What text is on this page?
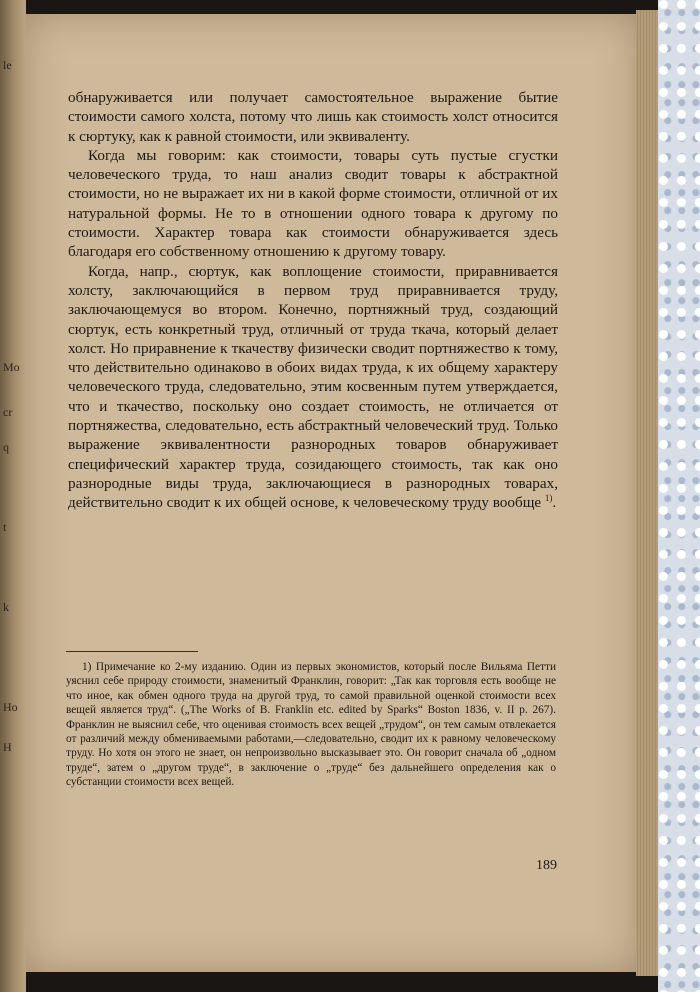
le
Mo
cr
q
t
k
Ho
H

обнаруживается или получает самостоятельное выражение бытие стоимости самого холста, потому что лишь как стоимость холст относится к сюртуку, как к равной стоимости, или эквиваленту.

Когда мы говорим: как стоимости, товары суть пустые сгустки человеческого труда, то наш анализ сводит товары к абстрактной стоимости, но не выражает их ни в какой форме стоимости, отличной от их натуральной формы. Не то в отношении одного товара к другому по стоимости. Характер товара как стоимости обнаруживается здесь благодаря его собственному отношению к другому товару.

Когда, напр., сюртук, как воплощение стоимости, приравнивается холсту, заключающийся в первом труд приравнивается труду, заключающемуся во втором. Конечно, портняжный труд, создающий сюртук, есть конкретный труд, отличный от труда ткача, который делает холст. Но приравнение к ткачеству физически сводит портняжество к тому, что действительно одинаково в обоих видах труда, к их общему характеру человеческого труда, следовательно, этим косвенным путем утверждается, что и ткачество, поскольку оно создает стоимость, не отличается от портняжества, следовательно, есть абстрактный человеческий труд. Только выражение эквивалентности разнородных товаров обнаруживает специфический характер труда, созидающего стоимость, так как оно разнородные виды труда, заключающиеся в разнородных товарах, действительно сводит к их общей основе, к человеческому труду вообще $^{1)}$.

1) Примечание ко 2-му изданию. Один из первых экономистов, который после Вильяма Петти уяснил себе природу стоимости, знаменитый Франклин, говорит: „Так как торговля есть вообще не что иное, как обмен одного труда на другой труд, то самой правильной оценкой стоимости всех вещей является труд“. („The Works of B. Franklin etc. edited by Sparks“ Boston 1836, v. II p. 267). Франклин не выяснил себе, что оценивая стоимость всех вещей „трудом“, он тем самым отвлекается от различий между обмениваемыми работами,—следовательно, сводит их к равному человеческому труду. Но хотя он этого не знает, он непроизвольно высказывает это. Он говорит сначала об „одном труде“, затем о „другом труде“, в заключение о „труде“ без дальнейшего определения как о субстанции стоимости всех вещей.

189
